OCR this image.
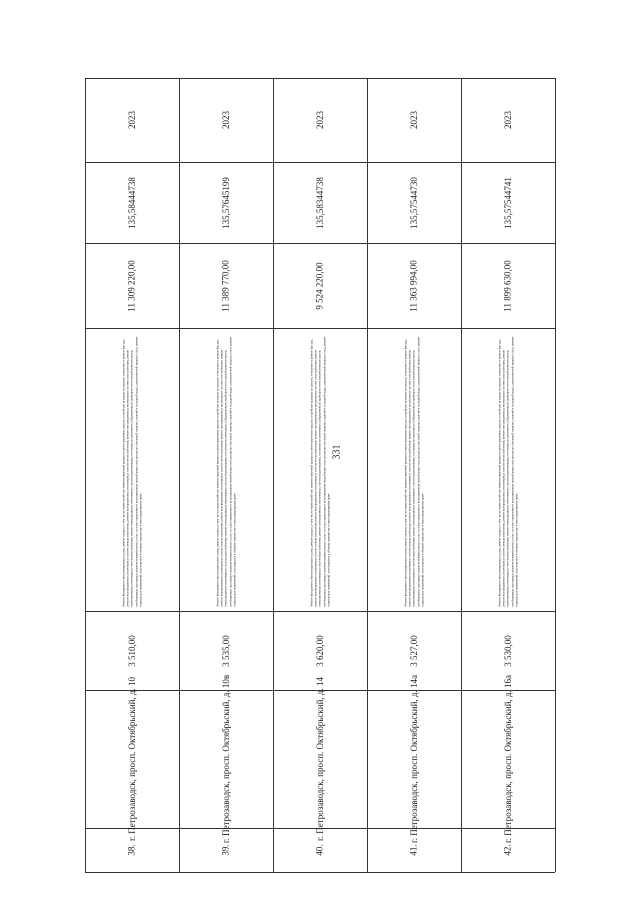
331
2023
135,58444738
11 309 220,00
Ремонт фундамента многоквартирного дома, ремонт крыши, в том числе переустройство невентилируемой крыши на вентилируемую крышу, устройство выходов на кровлю, утепление и ремонт фасада, ремонт внутридомовых инженерных систем электроснабжения, ремонт внутридомовых инженерных систем теплоснабжения, ремонт внутридомовых инженерных систем газоснабжения, ремонт внутридомовых инженерных систем водоснабжения, ремонт внутридомовых инженерных систем водоотведения, установка коллективных (общедомовых) приборов учета потребления ресурсов, необходимых для предоставления коммунальных услуг, и узлов управления и регулирования потребления этих ресурсов (тепловой энергии, горячей и холодной воды, электрической энергии, газа), ремонт подвальных помещений, относящихся к общему имуществу в многоквартирном доме
3 510,00
г. Петрозаводск, просп. Октябрьский, д. 10
38.
2023
135,57645199
11 389 770,00
Ремонт фундамента многоквартирного дома, ремонт крыши, в том числе переустройство невентилируемой крыши на вентилируемую крышу, устройство выходов на кровлю, утепление и ремонт фасада, ремонт внутридомовых инженерных систем электроснабжения, ремонт внутридомовых инженерных систем теплоснабжения, ремонт внутридомовых инженерных систем газоснабжения, ремонт внутридомовых инженерных систем водоснабжения, ремонт внутридомовых инженерных систем водоотведения, установка коллективных (общедомовых) приборов учета потребления ресурсов, необходимых для предоставления коммунальных услуг, и узлов управления и регулирования потребления этих ресурсов (тепловой энергии, горячей и холодной воды, электрической энергии, газа), ремонт подвальных помещений, относящихся к общему имуществу в многоквартирном доме
3 535,00
г. Петрозаводск, просп. Октябрьский, д. 10в
39.
2023
135,58344738
9 524 220,00
Ремонт фундамента многоквартирного дома, ремонт крыши, в том числе переустройство невентилируемой крыши на вентилируемую крышу, устройство выходов на кровлю, утепление и ремонт фасада, ремонт внутридомовых инженерных систем электроснабжения, ремонт внутридомовых инженерных систем теплоснабжения, ремонт внутридомовых инженерных систем газоснабжения, ремонт внутридомовых инженерных систем водоснабжения, ремонт внутридомовых инженерных систем водоотведения, установка коллективных (общедомовых) приборов учета потребления ресурсов, необходимых для предоставления коммунальных услуг, и узлов управления и регулирования потребления этих ресурсов (тепловой энергии, горячей и холодной воды, электрической энергии, газа), ремонт подвальных помещений, относящихся к общему имуществу в многоквартирном доме
3 620,00
г. Петрозаводск, просп. Октябрьский, д. 14
40.
2023
135,57544730
11 363 994,00
Ремонт фундамента многоквартирного дома, ремонт крыши, в том числе переустройство невентилируемой крыши на вентилируемую крышу, устройство выходов на кровлю, утепление и ремонт фасада, ремонт внутридомовых инженерных систем электроснабжения, ремонт внутридомовых инженерных систем теплоснабжения, ремонт внутридомовых инженерных систем газоснабжения, ремонт внутридомовых инженерных систем водоснабжения, ремонт внутридомовых инженерных систем водоотведения, установка коллективных (общедомовых) приборов учета потребления ресурсов, необходимых для предоставления коммунальных услуг, и узлов управления и регулирования потребления этих ресурсов (тепловой энергии, горячей и холодной воды, электрической энергии, газа), ремонт подвальных помещений, относящихся к общему имуществу в многоквартирном доме
3 527,00
г. Петрозаводск, просп. Октябрьский, д. 14а
41.
2023
135,57544741
11 899 630,00
Ремонт фундамента многоквартирного дома, ремонт крыши, в том числе переустройство невентилируемой крыши на вентилируемую крышу, устройство выходов на кровлю, утепление и ремонт фасада, ремонт внутридомовых инженерных систем электроснабжения, ремонт внутридомовых инженерных систем теплоснабжения, ремонт внутридомовых инженерных систем газоснабжения, ремонт внутридомовых инженерных систем водоснабжения, ремонт внутридомовых инженерных систем водоотведения, установка коллективных (общедомовых) приборов учета потребления ресурсов, необходимых для предоставления коммунальных услуг, и узлов управления и регулирования потребления этих ресурсов (тепловой энергии, горячей и холодной воды, электрической энергии, газа), ремонт подвальных помещений, относящихся к общему имуществу в многоквартирном доме
3 530,00
г. Петрозаводск, просп. Октябрьский, д. 16а
42.
